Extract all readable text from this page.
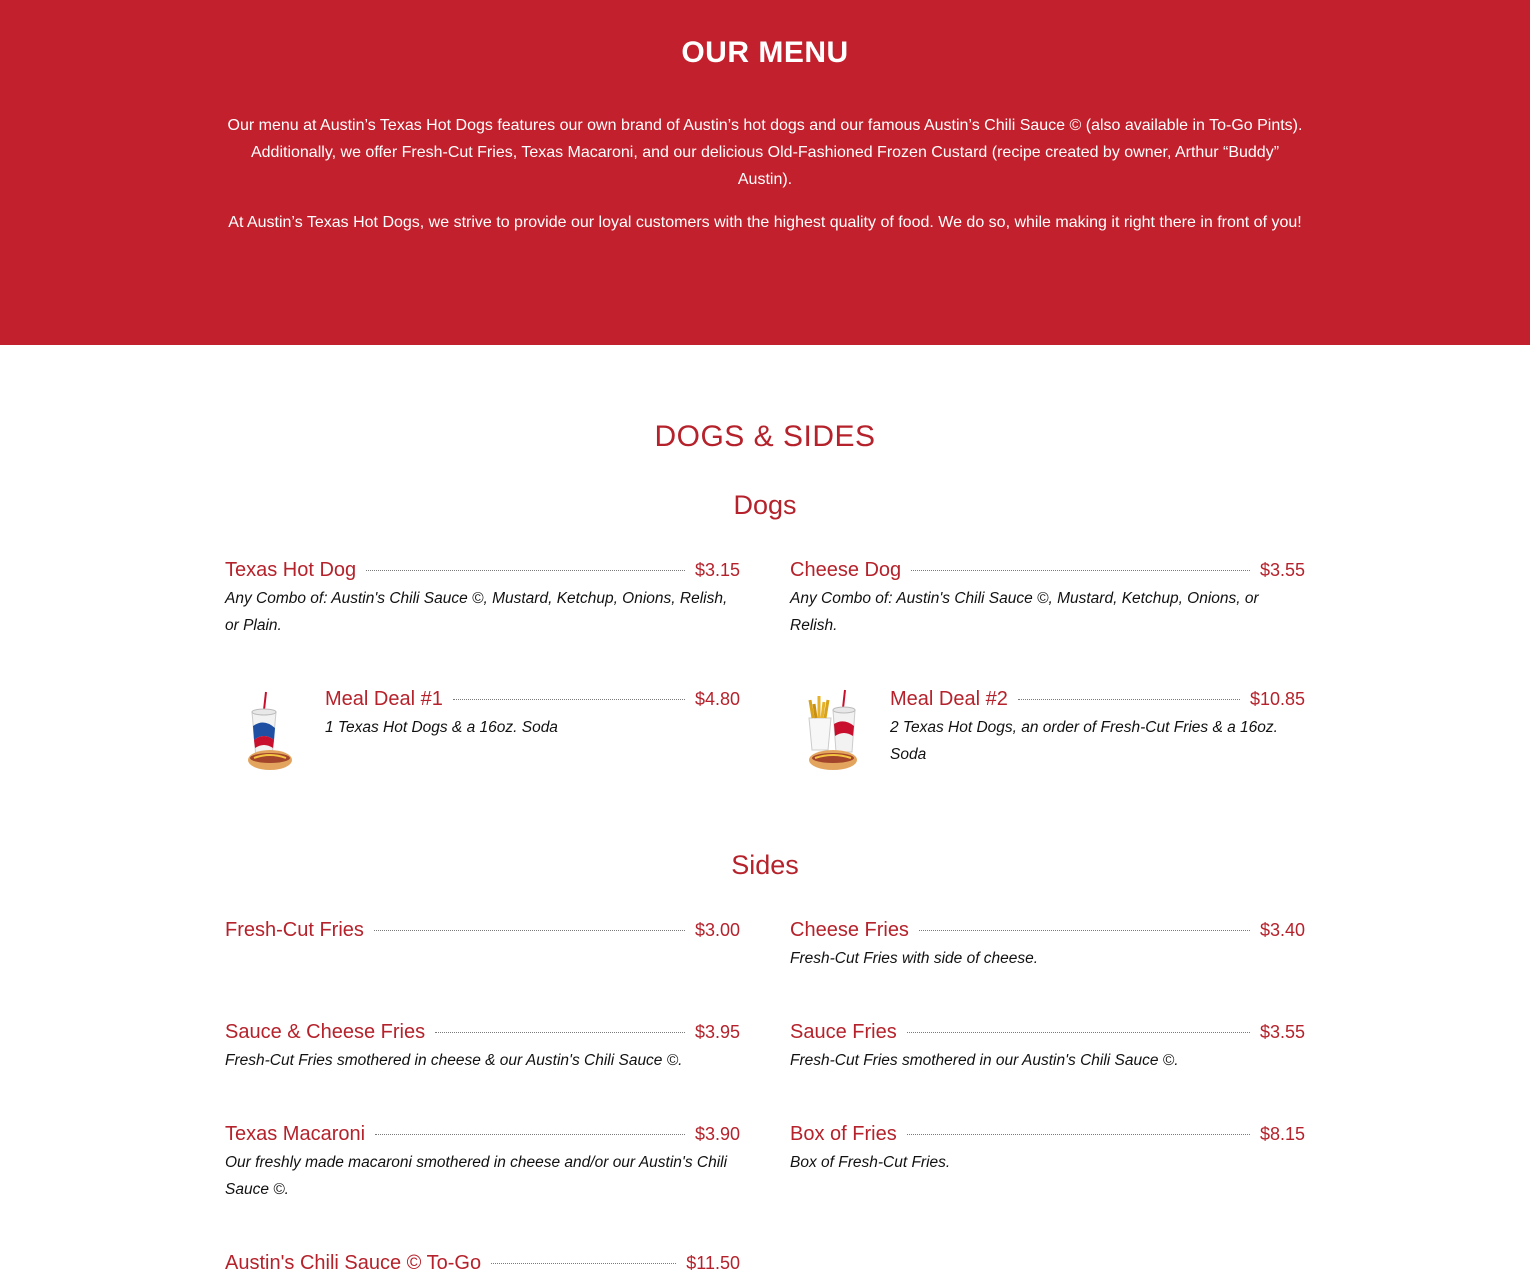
OUR MENU

Our menu at Austin’s Texas Hot Dogs features our own brand of Austin’s hot dogs and our famous Austin’s Chili Sauce © (also available in To-Go Pints). Additionally, we offer Fresh-Cut Fries, Texas Macaroni, and our delicious Old-Fashioned Frozen Custard (recipe created by owner, Arthur “Buddy” Austin).

At Austin’s Texas Hot Dogs, we strive to provide our loyal customers with the highest quality of food. We do so, while making it right there in front of you!

DOGS & SIDES
Dogs
Texas Hot Dog	$3.15

Any Combo of: Austin's Chili Sauce ©, Mustard, Ketchup, Onions, Relish, or Plain.

Cheese Dog	$3.55

Any Combo of: Austin's Chili Sauce ©, Mustard, Ketchup, Onions, or Relish.

Meal Deal #1	$4.80

1 Texas Hot Dogs & a 16oz. Soda

Meal Deal #2	$10.85

2 Texas Hot Dogs, an order of Fresh-Cut Fries & a 16oz. Soda

Sides
Fresh-Cut Fries	$3.00	Cheese Fries	$3.40

Fresh-Cut Fries with side of cheese.

Sauce & Cheese Fries	$3.95

Fresh-Cut Fries smothered in cheese & our Austin's Chili Sauce ©.

Sauce Fries	$3.55

Fresh-Cut Fries smothered in our Austin's Chili Sauce ©.

Texas Macaroni	$3.90

Our freshly made macaroni smothered in cheese and/or our Austin's Chili Sauce ©.

Box of Fries	$8.15

Box of Fresh-Cut Fries.

Austin's Chili Sauce © To-Go	$11.50
